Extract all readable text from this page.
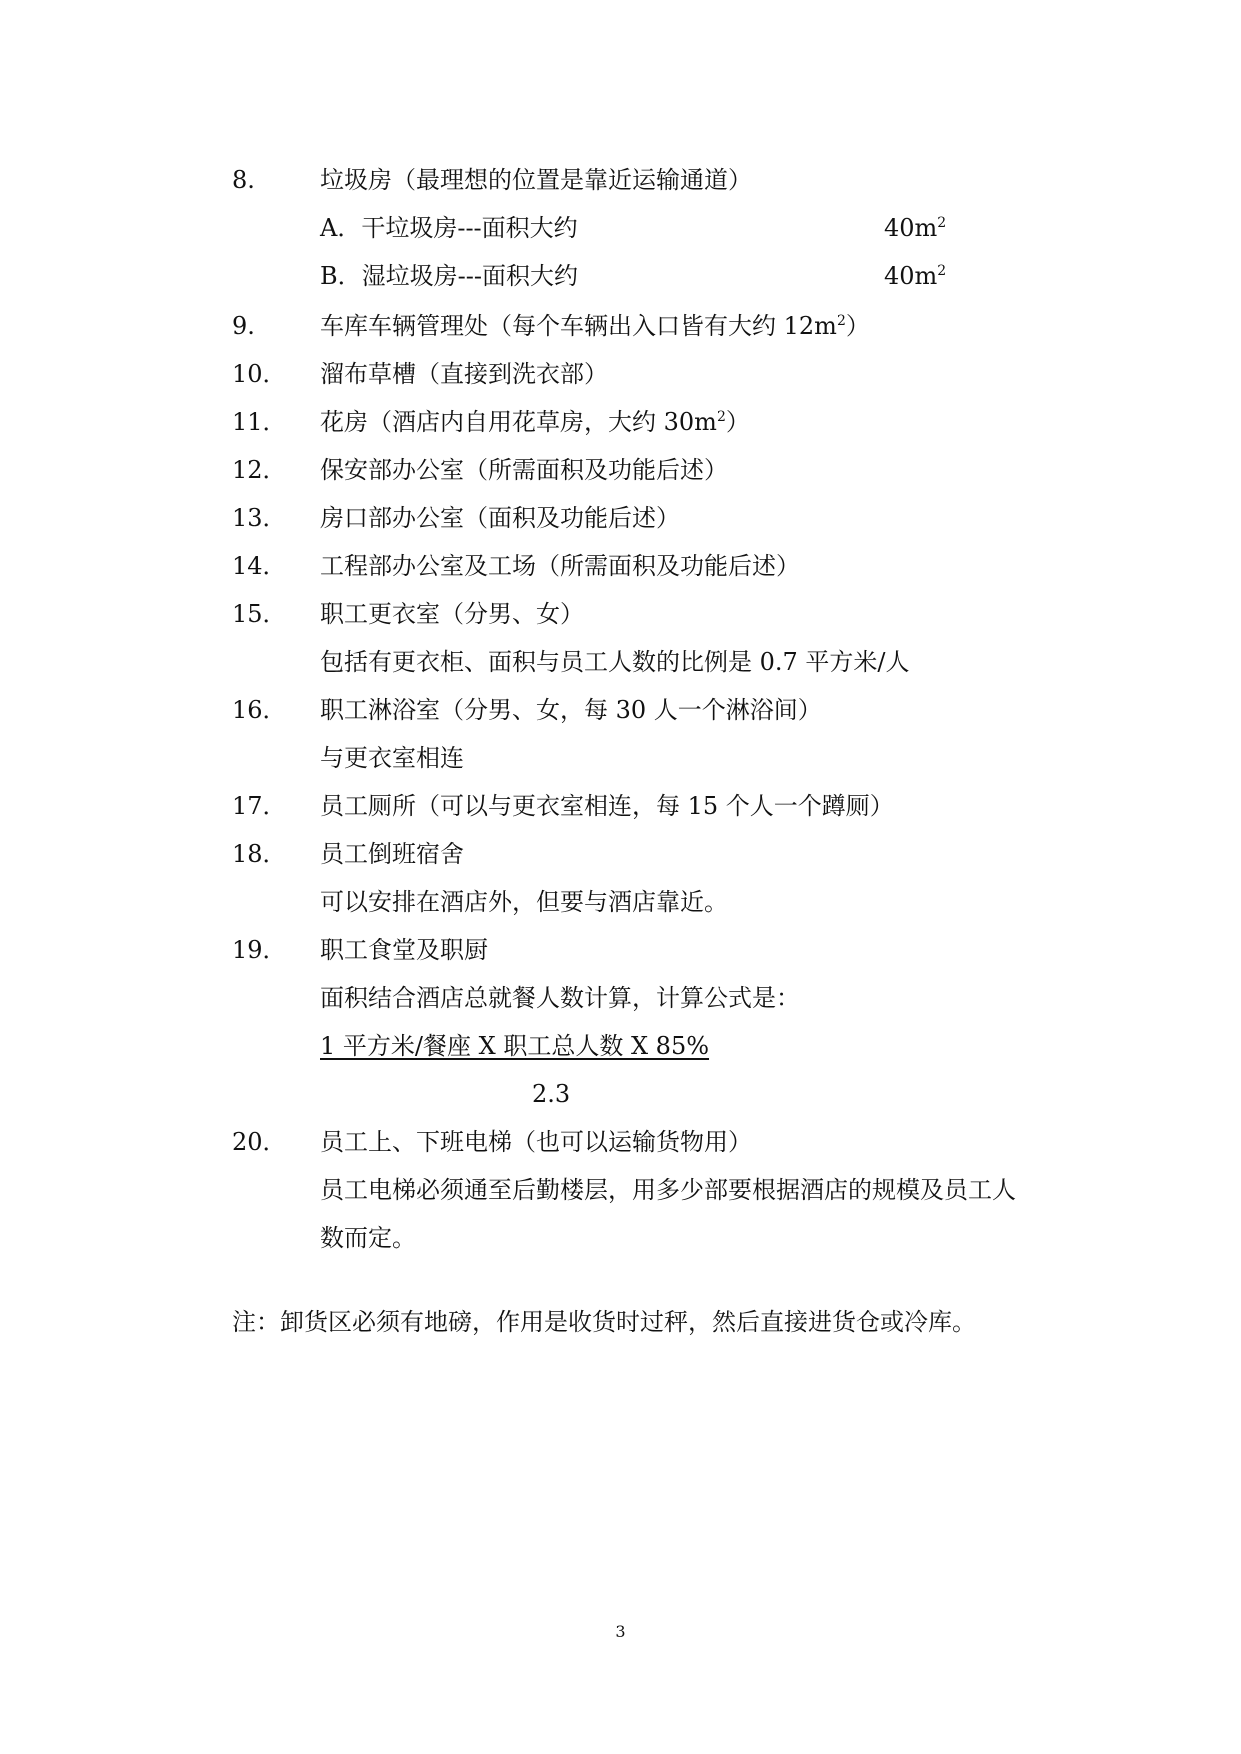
8.	垃圾房（最理想的位置是靠近运输通道）
A．干垃圾房---面积大约	$40m^2$
B．湿垃圾房---面积大约	$40m^2$
9.	车库车辆管理处（每个车辆出入口皆有大约 $12m^2$）
10． 溜布草槽（直接到洗衣部）
11． 花房（酒店内自用花草房，大约 $30m^2$）
12． 保安部办公室（所需面积及功能后述）
13． 房口部办公室（面积及功能后述）
14． 工程部办公室及工场（所需面积及功能后述）
15． 职工更衣室（分男、女）
包括有更衣柜、面积与员工人数的比例是 0.7 平方米/人
16． 职工淋浴室（分男、女，每 30 人一个淋浴间）
与更衣室相连
17． 员工厕所（可以与更衣室相连，每 15 个人一个蹲厕）
18． 员工倒班宿舍
可以安排在酒店外，但要与酒店靠近。
19． 职工食堂及职厨
面积结合酒店总就餐人数计算，计算公式是：
1 平方米/餐座 X 职工总人数 X 85%
2.3
20． 员工上、下班电梯（也可以运输货物用）
员工电梯必须通至后勤楼层，用多少部要根据酒店的规模及员工人
数而定。
注：卸货区必须有地磅，作用是收货时过秤，然后直接进货仓或冷库。
3
